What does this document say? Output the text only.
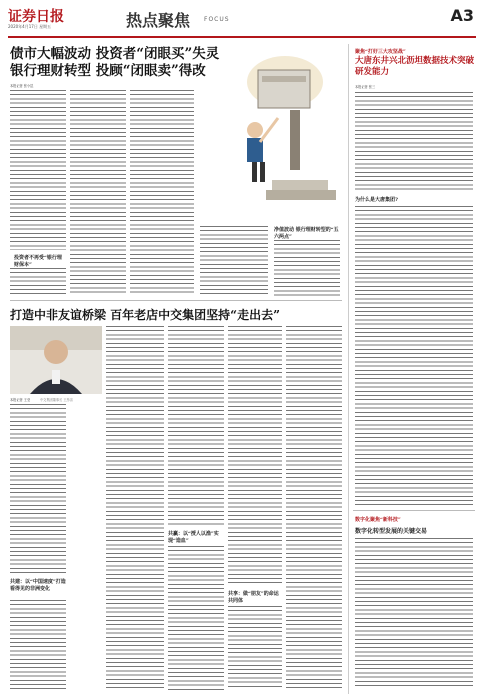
证券日报
2020年4月17日 星期五	热点聚焦 FOCUS	A3
债市大幅波动 投资者“闭眼买”失灵
银行理财转型 投顾“闭眼卖”得改
本报记者 张小昆
投资者不再受“银行理财保本”
净值波动 银行理财转型的“五六两点”
打造中非友谊桥梁 百年老店中交集团坚持“走出去”
本报记者 王莹	中交集团董事长 王彤宙
共建：以“中国速度”打造看得见的非洲变化
共赢：以“授人以渔”实现“造血”
共享：做“朋友”的命运共同体
聚焦“打好三大攻坚战”
大唐东井兴北沥坦数据技术突破研发能力
本报记者 张三
为什么是大唐集团?
数字化聚焦“新科技”
数字化转型发展的关键交易
